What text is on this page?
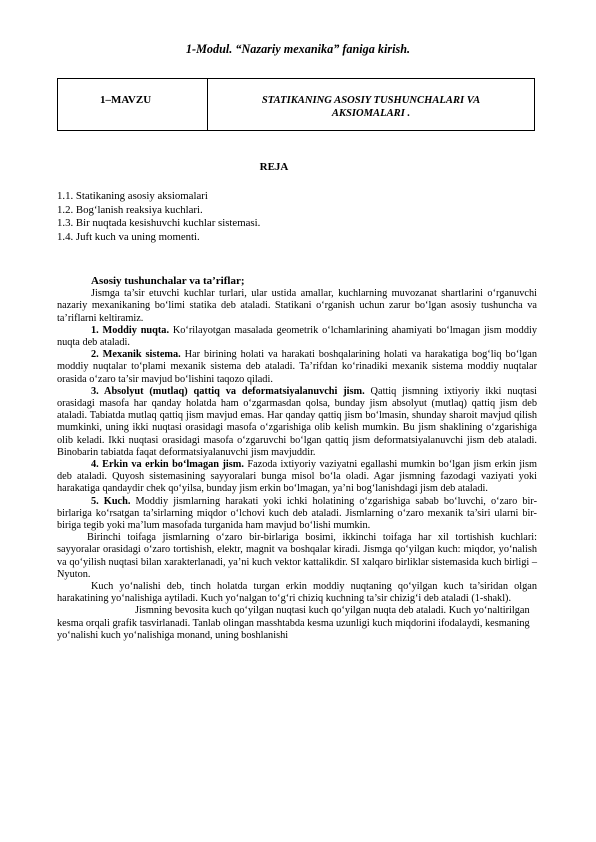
1-Modul. “Nazariy mexanika” faniga kirish.
1–MAVZU	STATIKANING ASOSIY TUSHUNCHALARI VA
AKSIOMALARI .
REJA
1.1. Statikaning asosiy aksiomalari
1.2. Bog‘lanish reaksiya kuchlari.
1.3. Bir nuqtada kesishuvchi kuchlar sistemasi.
1.4. Juft kuch va uning momenti.

Asosiy tushunchalar va ta’riflar;

Jismga ta’sir etuvchi kuchlar turlari, ular ustida amallar, kuchlarning muvozanat shartlarini o‘rganuvchi nazariy mexanikaning bo‘limi statika deb ataladi. Statikani o‘rganish uchun zarur bo‘lgan asosiy tushuncha va ta’riflarni keltiramiz.

1. Moddiy nuqta. Ko‘rilayotgan masalada geometrik o‘lchamlarining ahamiyati bo‘lmagan jism moddiy nuqta deb ataladi.

2. Mexanik sistema. Har birining holati va harakati boshqalarining holati va harakatiga bog‘liq bo‘lgan moddiy nuqtalar to‘plami mexanik sistema deb ataladi. Ta’rifdan ko‘rinadiki mexanik sistema moddiy nuqtalar orasida o‘zaro ta’sir mavjud bo‘lishini taqozo qiladi.

3. Absolyut (mutlaq) qattiq va deformatsiyalanuvchi jism. Qattiq jismning ixtiyoriy ikki nuqtasi orasidagi masofa har qanday holatda ham o‘zgarmasdan qolsa, bunday jism absolyut (mutlaq) qattiq jism deb ataladi. Tabiatda mutlaq qattiq jism mavjud emas. Har qanday qattiq jism bo‘lmasin, shunday sharoit mavjud qilish mumkinki, uning ikki nuqtasi orasidagi masofa o‘zgarishiga olib kelish mumkin. Bu jism shaklining o‘zgarishiga olib keladi. Ikki nuqtasi orasidagi masofa o‘zgaruvchi bo‘lgan qattiq jism deformatsiyalanuvchi jism deb ataladi. Binobarin tabiatda faqat deformatsiyalanuvchi jism mavjuddir.

4. Erkin va erkin bo‘lmagan jism. Fazoda ixtiyoriy vaziyatni egallashi mumkin bo‘lgan jism erkin jism deb ataladi. Quyosh sistemasining sayyoralari bunga misol bo‘la oladi. Agar jismning fazodagi vaziyati yoki harakatiga qandaydir chek qo‘yilsa, bunday jism erkin bo‘lmagan, ya’ni bog‘lanishdagi jism deb ataladi.

5. Kuch. Moddiy jismlarning harakati yoki ichki holatining o‘zgarishiga sabab bo‘luvchi, o‘zaro bir-birlariga ko‘rsatgan ta’sirlarning miqdor o‘lchovi kuch deb ataladi. Jismlarning o‘zaro mexanik ta’siri ularni bir-biriga tegib yoki ma’lum masofada turganida ham mavjud bo‘lishi mumkin.

Birinchi toifaga jismlarning o‘zaro bir-birlariga bosimi, ikkinchi toifaga har xil tortishish kuchlari: sayyoralar orasidagi o‘zaro tortishish, elektr, magnit va boshqalar kiradi. Jismga qo‘yilgan kuch: miqdor, yo‘nalish va qo‘yilish nuqtasi bilan xarakterlanadi, ya’ni kuch vektor kattalikdir. SI xalqaro birliklar sistemasida kuch birligi – Nyuton.

Kuch yo‘nalishi deb, tinch holatda turgan erkin moddiy nuqtaning qo‘yilgan kuch ta’siridan olgan harakatining yo‘nalishiga aytiladi. Kuch yo‘nalgan to‘g‘ri chiziq kuchning ta’sir chizig‘i deb ataladi (1-shakl).

Jismning bevosita kuch qo‘yilgan nuqtasi kuch qo‘yilgan nuqta deb ataladi. Kuch yo‘naltirilgan kesma orqali grafik tasvirlanadi. Tanlab olingan masshtabda kesma uzunligi kuch miqdorini ifodalaydi, kesmaning yo‘nalishi kuch yo‘nalishiga monand, uning boshlanishi
